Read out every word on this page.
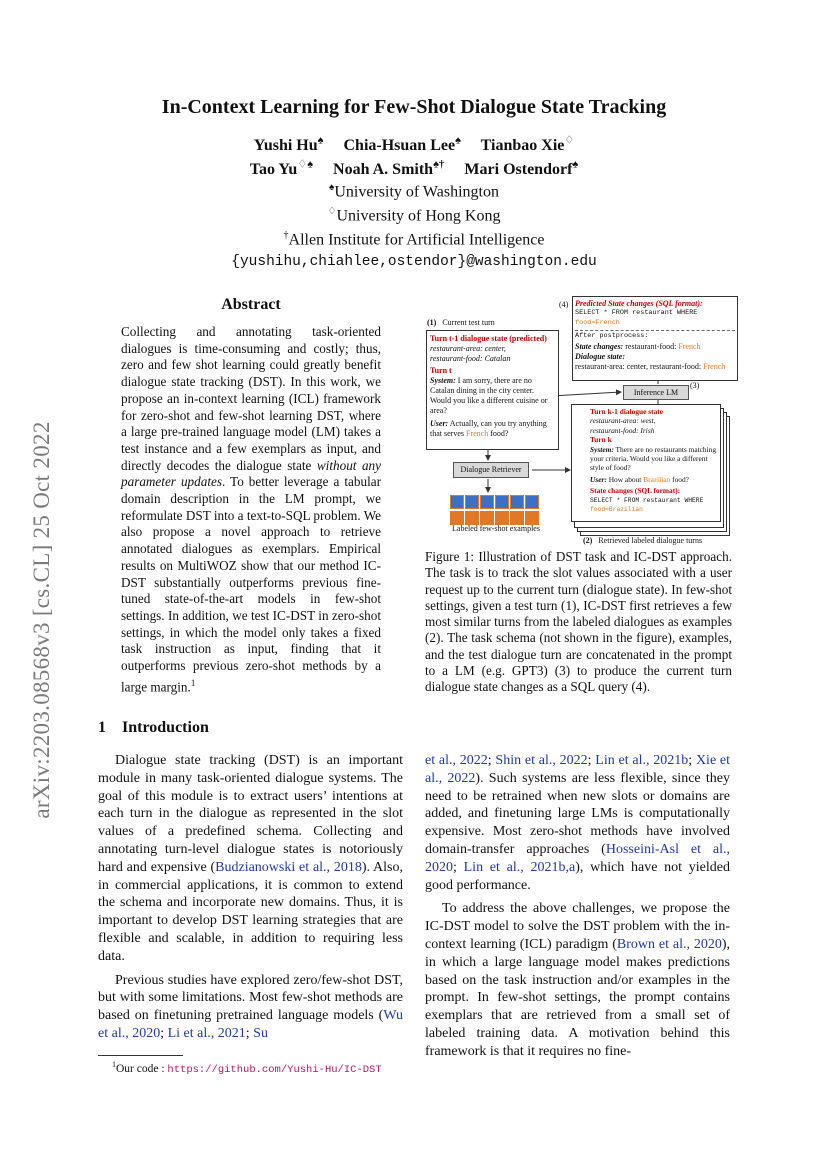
arXiv:2203.08568v3 [cs.CL] 25 Oct 2022
In-Context Learning for Few-Shot Dialogue State Tracking
Yushi Hu♠ Chia-Hsuan Lee♠ Tianbao Xie♢
Tao Yu♢♠ Noah A. Smith♠† Mari Ostendorf♠
♠University of Washington
♢University of Hong Kong
†Allen Institute for Artificial Intelligence
{yushihu,chiahlee,ostendor}@washington.edu
Abstract
Collecting and annotating task-oriented dialogues is time-consuming and costly; thus, zero and few shot learning could greatly benefit dialogue state tracking (DST). In this work, we propose an in-context learning (ICL) framework for zero-shot and few-shot learning DST, where a large pre-trained language model (LM) takes a test instance and a few exemplars as input, and directly decodes the dialogue state without any parameter updates. To better leverage a tabular domain description in the LM prompt, we reformulate DST into a text-to-SQL problem. We also propose a novel approach to retrieve annotated dialogues as exemplars. Empirical results on MultiWOZ show that our method IC-DST substantially outperforms previous fine-tuned state-of-the-art models in few-shot settings. In addition, we test IC-DST in zero-shot settings, in which the model only takes a fixed task instruction as input, finding that it outperforms previous zero-shot methods by a large margin.$^1$
1 Introduction

Dialogue state tracking (DST) is an important module in many task-oriented dialogue systems. The goal of this module is to extract users’ intentions at each turn in the dialogue as represented in the slot values of a predefined schema. Collecting and annotating turn-level dialogue states is notoriously hard and expensive (Budzianowski et al., 2018). Also, in commercial applications, it is common to extend the schema and incorporate new domains. Thus, it is important to develop DST learning strategies that are flexible and scalable, in addition to requiring less data.

Previous studies have explored zero/few-shot DST, but with some limitations. Most few-shot methods are based on finetuning pretrained language models (Wu et al., 2020; Li et al., 2021; Su

$^1$Our code : https://github.com/Yushi-Hu/IC-DST

et al., 2022; Shin et al., 2022; Lin et al., 2021b; Xie et al., 2022). Such systems are less flexible, since they need to be retrained when new slots or domains are added, and finetuning large LMs is computationally expensive. Most zero-shot methods have involved domain-transfer approaches (Hosseini-Asl et al., 2020; Lin et al., 2021b,a), which have not yielded good performance.

To address the above challenges, we propose the IC-DST model to solve the DST problem with the in-context learning (ICL) paradigm (Brown et al., 2020), in which a large language model makes predictions based on the task instruction and/or examples in the prompt. In few-shot settings, the prompt contains exemplars that are retrieved from a small set of labeled training data. A motivation behind this framework is that it requires no fine-

(1) Current test turn
Turn t-1 dialogue state (predicted)
restaurant-area: center,
restaurant-food: Catalan
Turn t
System: I am sorry, there are no Catalan dining in the city center. Would you like a different cuisine or area?
User: Actually, can you try anything that serves French food?
Dialogue Retriever
Labeled few-shot examples
(4) Predicted State changes (SQL format):
SELECT * FROM restaurant WHERE
food=French
After postprocess:
State changes: restaurant-food: French
Dialogue state:
restaurant-area: center, restaurant-food: French
Inference LM
(3)
Turn k-1 dialogue state
restaurant-area: west,
restaurant-food: Irish
Turn k
System: There are no restaurants matching your criteria. Would you like a different style of food?
User: How about Brazilian food?
State changes (SQL format):
SELECT * FROM restaurant WHERE
food=Brazilian
(2) Retrieved labeled dialogue turns
Figure 1: Illustration of DST task and IC-DST approach. The task is to track the slot values associated with a user request up to the current turn (dialogue state). In few-shot settings, given a test turn (1), IC-DST first retrieves a few most similar turns from the labeled dialogues as examples (2). The task schema (not shown in the figure), examples, and the test dialogue turn are concatenated in the prompt to a LM (e.g. GPT3) (3) to produce the current turn dialogue state changes as a SQL query (4).
